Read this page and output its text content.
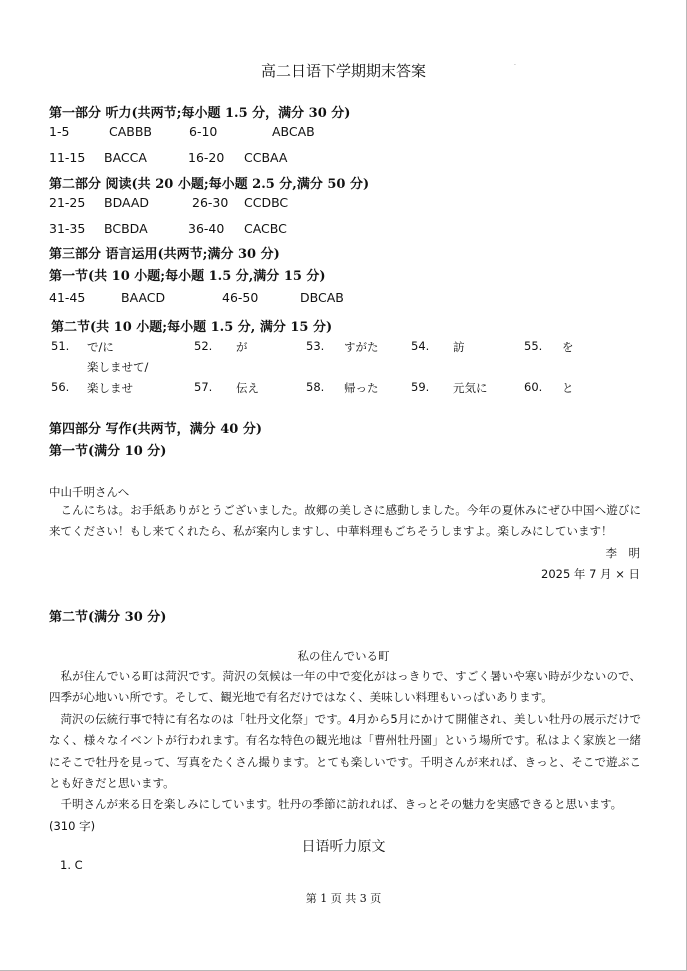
高二日语下学期期末答案	·
第一部分 听力(共两节;每小题 1.5 分，满分 30 分)
1-5	CABBB	6-10	ABCAB
11-15 BACCA	16-20 CCBAA
第二部分 阅读(共 20 小题;每小题 2.5 分,满分 50 分)
21-25 BDAAD	26-30 CCDBC
31-35 BCBDA	36-40 CACBC
第三部分 语言运用(共两节;满分 30 分)
第一节(共 10 小题;每小题 1.5 分,满分 15 分)
41-45	BAACD	46-50	DBCAB
第二节(共 10 小题;每小题 1.5 分, 满分 15 分)
51. で/に	52. が	53. すがた	54. 訪	55. を
楽しませて/
56. 楽しませ	57. 伝え	58. 帰った	59. 元気に	60. と
第四部分 写作(共两节，满分 40 分)
第一节(满分 10 分)
中山千明さんへ
こんにちは。お手紙ありがとうございました。故郷の美しさに感動しました。今年の夏休みにぜひ中国へ遊びに来てください！もし来てくれたら、私が案内しますし、中華料理もごちそうしますよ。楽しみにしています！
李　明
2025 年 7 月 × 日
第二节(满分 30 分)
私の住んでいる町
私が住んでいる町は菏沢です。菏沢の気候は一年の中で変化がはっきりで、すごく暑いや寒い時が少ないので、四季が心地いい所です。そして、観光地で有名だけではなく、美味しい料理もいっぱいあります。
菏沢の伝統行事で特に有名なのは「牡丹文化祭」です。4月から5月にかけて開催され、美しい牡丹の展示だけでなく、様々なイベントが行われます。有名な特色の観光地は「曹州牡丹園」という場所です。私はよく家族と一緒にそこで牡丹を見って、写真をたくさん撮ります。とても楽しいです。千明さんが来れば、きっと、そこで遊ぶことも好きだと思います。
千明さんが来る日を楽しみにしています。牡丹の季節に訪れれば、きっとその魅力を実感できると思います。
(310 字)
日语听力原文
1. C
第 1 页 共 3 页
